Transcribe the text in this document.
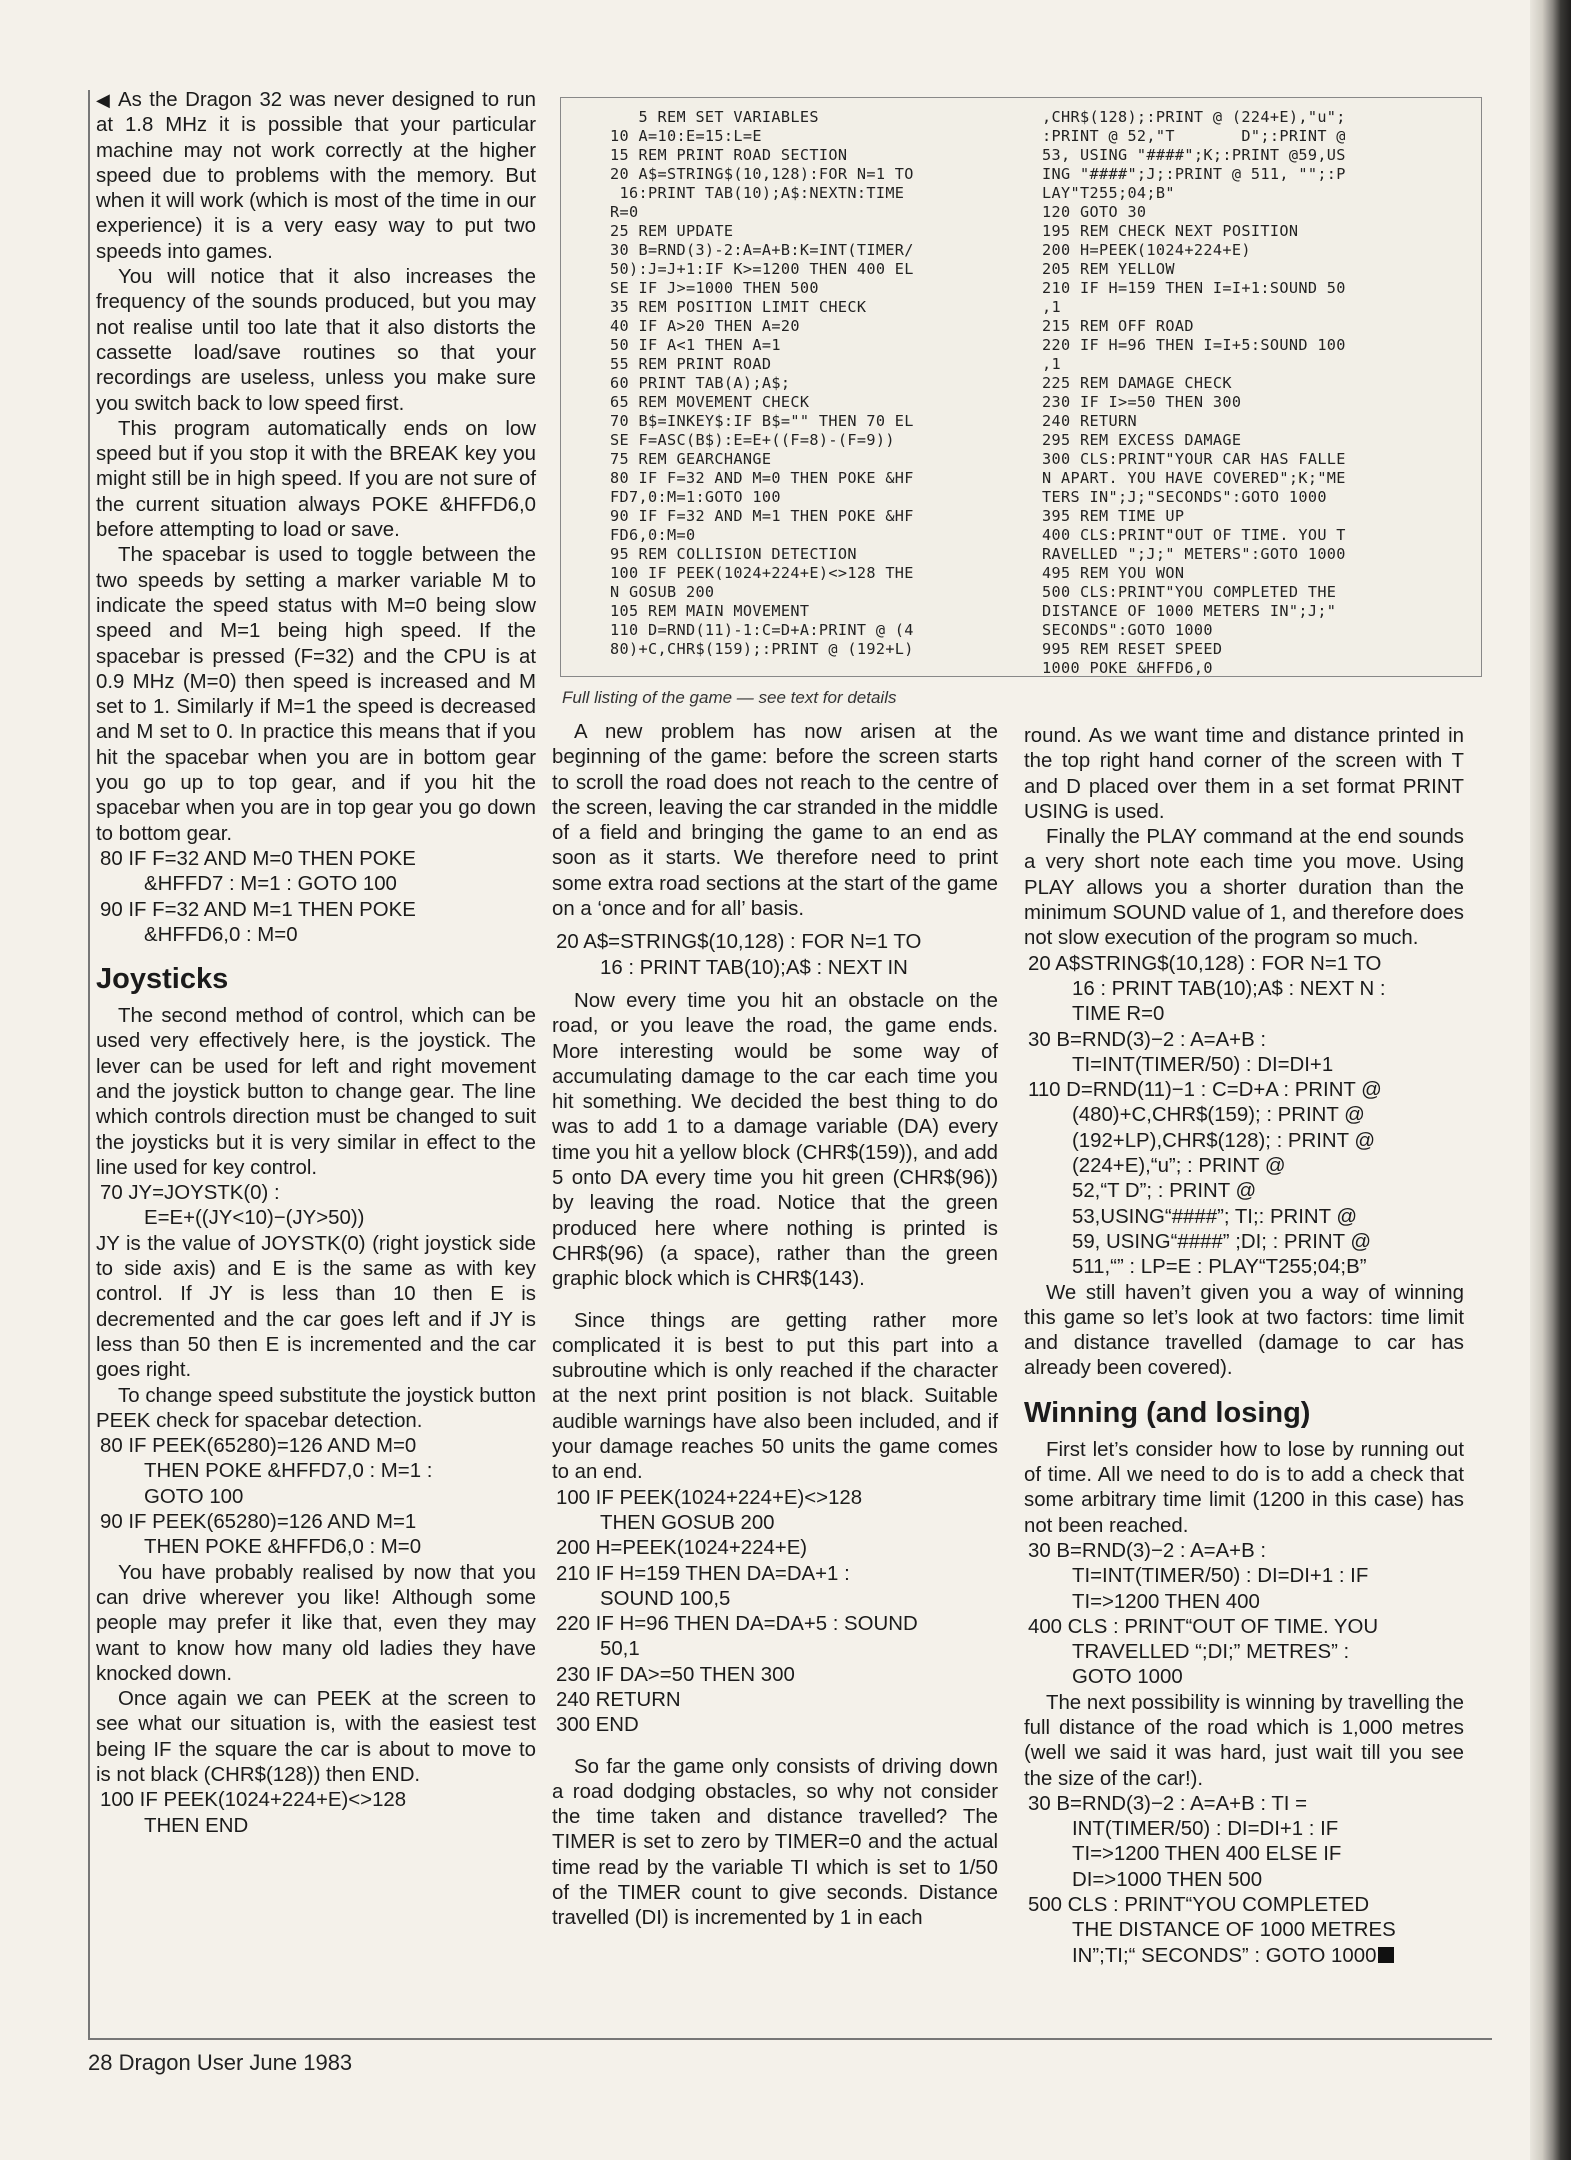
◀ As the Dragon 32 was never designed to run at 1.8 MHz it is possible that your particular machine may not work correctly at the higher speed due to problems with the memory. But when it will work (which is most of the time in our experience) it is a very easy way to put two speeds into games.

You will notice that it also increases the frequency of the sounds produced, but you may not realise until too late that it also distorts the cassette load/save routines so that your recordings are useless, unless you make sure you switch back to low speed first.

This program automatically ends on low speed but if you stop it with the BREAK key you might still be in high speed. If you are not sure of the current situation always POKE &HFFD6,0 before attempting to load or save.

The spacebar is used to toggle between the two speeds by setting a marker variable M to indicate the speed status with M=0 being slow speed and M=1 being high speed. If the spacebar is pressed (F=32) and the CPU is at 0.9 MHz (M=0) then speed is increased and M set to 1. Similarly if M=1 the speed is decreased and M set to 0. In practice this means that if you hit the spacebar when you are in bottom gear you go up to top gear, and if you hit the spacebar when you are in top gear you go down to bottom gear.

80 IF F=32 AND M=0 THEN POKE
&HFFD7 : M=1 : GOTO 100
90 IF F=32 AND M=1 THEN POKE
&HFFD6,0 : M=0
Joysticks

The second method of control, which can be used very effectively here, is the joystick. The lever can be used for left and right movement and the joystick button to change gear. The line which controls direction must be changed to suit the joysticks but it is very similar in effect to the line used for key control.

70 JY=JOYSTK(0) :
E=E+((JY<10)−(JY>50))

JY is the value of JOYSTK(0) (right joystick side to side axis) and E is the same as with key control. If JY is less than 10 then E is decremented and the car goes left and if JY is less than 50 then E is incremented and the car goes right.

To change speed substitute the joystick button PEEK check for spacebar detection.

80 IF PEEK(65280)=126 AND M=0
THEN POKE &HFFD7,0 : M=1 :
GOTO 100
90 IF PEEK(65280)=126 AND M=1
THEN POKE &HFFD6,0 : M=0

You have probably realised by now that you can drive wherever you like! Although some people may prefer it like that, even they may want to know how many old ladies they have knocked down.

Once again we can PEEK at the screen to see what our situation is, with the easiest test being IF the square the car is about to move to is not black (CHR$(128)) then END.

100 IF PEEK(1024+224+E)<>128
THEN END
5 REM SET VARIABLES
10 A=10:E=15:L=E
15 REM PRINT ROAD SECTION
20 A$=STRING$(10,128):FOR N=1 TO
16:PRINT TAB(10);A$:NEXTN:TIME
R=0
25 REM UPDATE
30 B=RND(3)-2:A=A+B:K=INT(TIMER/
50):J=J+1:IF K>=1200 THEN 400 EL
SE IF J>=1000 THEN 500
35 REM POSITION LIMIT CHECK
40 IF A>20 THEN A=20
50 IF A<1 THEN A=1
55 REM PRINT ROAD
60 PRINT TAB(A);A$;
65 REM MOVEMENT CHECK
70 B$=INKEY$:IF B$="" THEN 70 EL
SE F=ASC(B$):E=E+((F=8)-(F=9))
75 REM GEARCHANGE
80 IF F=32 AND M=0 THEN POKE &HF
FD7,0:M=1:GOTO 100
90 IF F=32 AND M=1 THEN POKE &HF
FD6,0:M=0
95 REM COLLISION DETECTION
100 IF PEEK(1024+224+E)<>128 THE
N GOSUB 200
105 REM MAIN MOVEMENT
110 D=RND(11)-1:C=D+A:PRINT @ (4
80)+C,CHR$(159);:PRINT @ (192+L)
,CHR$(128);:PRINT @ (224+E),"u";
:PRINT @ 52,"T       D";:PRINT @
53, USING "####";K;:PRINT @59,US
ING "####";J;:PRINT @ 511, "";:P
LAY"T255;04;B"
120 GOTO 30
195 REM CHECK NEXT POSITION
200 H=PEEK(1024+224+E)
205 REM YELLOW
210 IF H=159 THEN I=I+1:SOUND 50
,1
215 REM OFF ROAD
220 IF H=96 THEN I=I+5:SOUND 100
,1
225 REM DAMAGE CHECK
230 IF I>=50 THEN 300
240 RETURN
295 REM EXCESS DAMAGE
300 CLS:PRINT"YOUR CAR HAS FALLE
N APART. YOU HAVE COVERED";K;"ME
TERS IN";J;"SECONDS":GOTO 1000
395 REM TIME UP
400 CLS:PRINT"OUT OF TIME. YOU T
RAVELLED ";J;" METERS":GOTO 1000
495 REM YOU WON
500 CLS:PRINT"YOU COMPLETED THE
DISTANCE OF 1000 METERS IN";J;"
SECONDS":GOTO 1000
995 REM RESET SPEED
1000 POKE &HFFD6,0
Full listing of the game — see text for details

A new problem has now arisen at the beginning of the game: before the screen starts to scroll the road does not reach to the centre of the screen, leaving the car stranded in the middle of a field and bringing the game to an end as soon as it starts. We therefore need to print some extra road sections at the start of the game on a ‘once and for all’ basis.

20 A$=STRING$(10,128) : FOR N=1 TO
16 : PRINT TAB(10);A$ : NEXT IN

Now every time you hit an obstacle on the road, or you leave the road, the game ends. More interesting would be some way of accumulating damage to the car each time you hit something. We decided the best thing to do was to add 1 to a damage variable (DA) every time you hit a yellow block (CHR$(159)), and add 5 onto DA every time you hit green (CHR$(96)) by leaving the road. Notice that the green produced here where nothing is printed is CHR$(96) (a space), rather than the green graphic block which is CHR$(143).

Since things are getting rather more complicated it is best to put this part into a subroutine which is only reached if the character at the next print position is not black. Suitable audible warnings have also been included, and if your damage reaches 50 units the game comes to an end.

100 IF PEEK(1024+224+E)<>128
THEN GOSUB 200
200 H=PEEK(1024+224+E)
210 IF H=159 THEN DA=DA+1 :
SOUND 100,5
220 IF H=96 THEN DA=DA+5 : SOUND
50,1
230 IF DA>=50 THEN 300
240 RETURN
300 END

So far the game only consists of driving down a road dodging obstacles, so why not consider the time taken and distance travelled? The TIMER is set to zero by TIMER=0 and the actual time read by the variable TI which is set to 1/50 of the TIMER count to give seconds. Distance travelled (DI) is incremented by 1 in each

round. As we want time and distance printed in the top right hand corner of the screen with T and D placed over them in a set format PRINT USING is used.

Finally the PLAY command at the end sounds a very short note each time you move. Using PLAY allows you a shorter duration than the minimum SOUND value of 1, and therefore does not slow execution of the program so much.

20 A$STRING$(10,128) : FOR N=1 TO
16 : PRINT TAB(10);A$ : NEXT N :
TIME R=0
30 B=RND(3)−2 : A=A+B :
TI=INT(TIMER/50) : DI=DI+1
110 D=RND(11)−1 : C=D+A : PRINT @
(480)+C,CHR$(159); : PRINT @
(192+LP),CHR$(128); : PRINT @
(224+E),“u”; : PRINT @
52,“T D”; : PRINT @
53,USING“####”; TI;: PRINT @
59, USING“####” ;DI; : PRINT @
511,“” : LP=E : PLAY“T255;04;B”

We still haven’t given you a way of winning this game so let’s look at two factors: time limit and distance travelled (damage to car has already been covered).

Winning (and losing)

First let’s consider how to lose by running out of time. All we need to do is to add a check that some arbitrary time limit (1200 in this case) has not been reached.

30 B=RND(3)−2 : A=A+B :
TI=INT(TIMER/50) : DI=DI+1 : IF
TI=>1200 THEN 400
400 CLS : PRINT“OUT OF TIME. YOU
TRAVELLED “;DI;” METRES” :
GOTO 1000

The next possibility is winning by travelling the full distance of the road which is 1,000 metres (well we said it was hard, just wait till you see the size of the car!).

30 B=RND(3)−2 : A=A+B : TI =
INT(TIMER/50) : DI=DI+1 : IF
TI=>1200 THEN 400 ELSE IF
DI=>1000 THEN 500
500 CLS : PRINT“YOU COMPLETED
THE DISTANCE OF 1000 METRES
IN”;TI;“ SECONDS” : GOTO 1000
28 Dragon User June 1983
